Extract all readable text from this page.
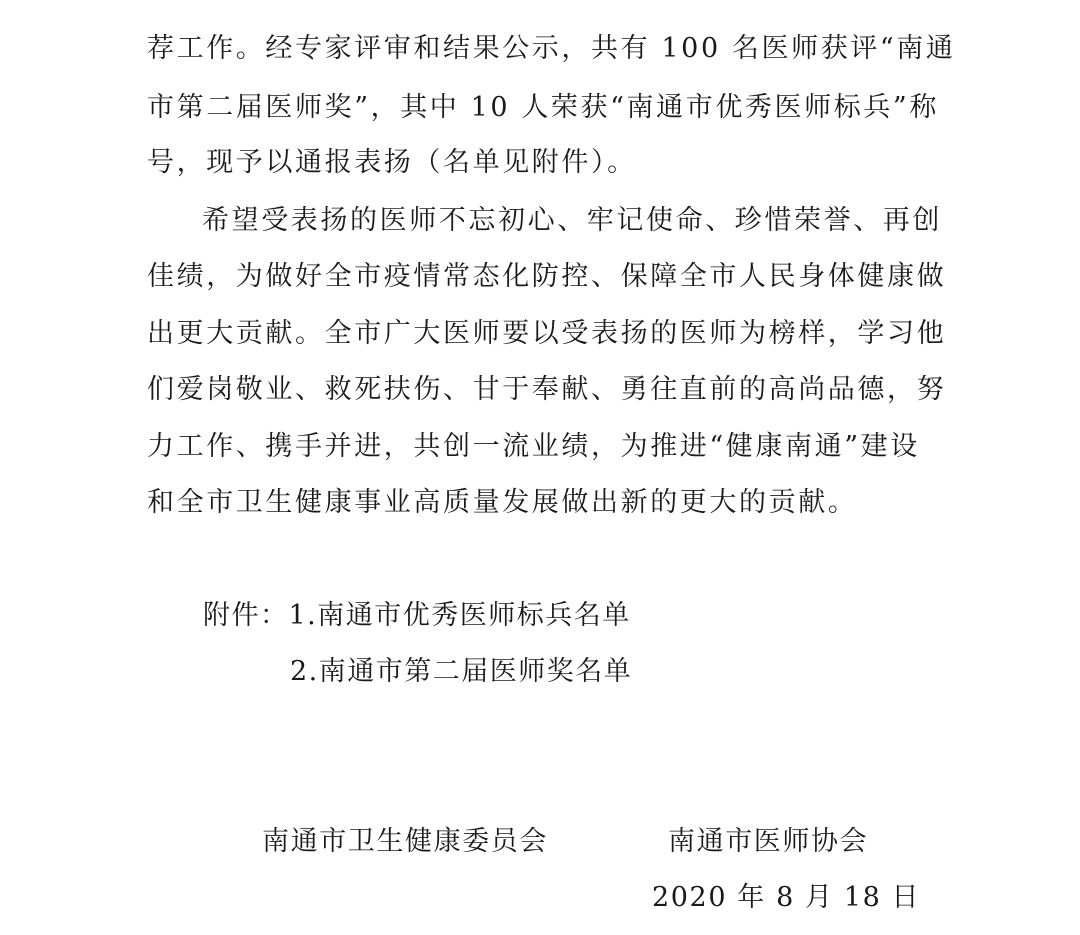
荐工作。经专家评审和结果公示，共有 100 名医师获评“南通
市第二届医师奖”，其中 10 人荣获“南通市优秀医师标兵”称
号，现予以通报表扬（名单见附件）。
希望受表扬的医师不忘初心、牢记使命、珍惜荣誉、再创
佳绩，为做好全市疫情常态化防控、保障全市人民身体健康做
出更大贡献。全市广大医师要以受表扬的医师为榜样，学习他
们爱岗敬业、救死扶伤、甘于奉献、勇往直前的高尚品德，努
力工作、携手并进，共创一流业绩，为推进“健康南通”建设
和全市卫生健康事业高质量发展做出新的更大的贡献。
附件：1.南通市优秀医师标兵名单
2.南通市第二届医师奖名单
南通市卫生健康委员会	南通市医师协会
2020 年 8 月 18 日
